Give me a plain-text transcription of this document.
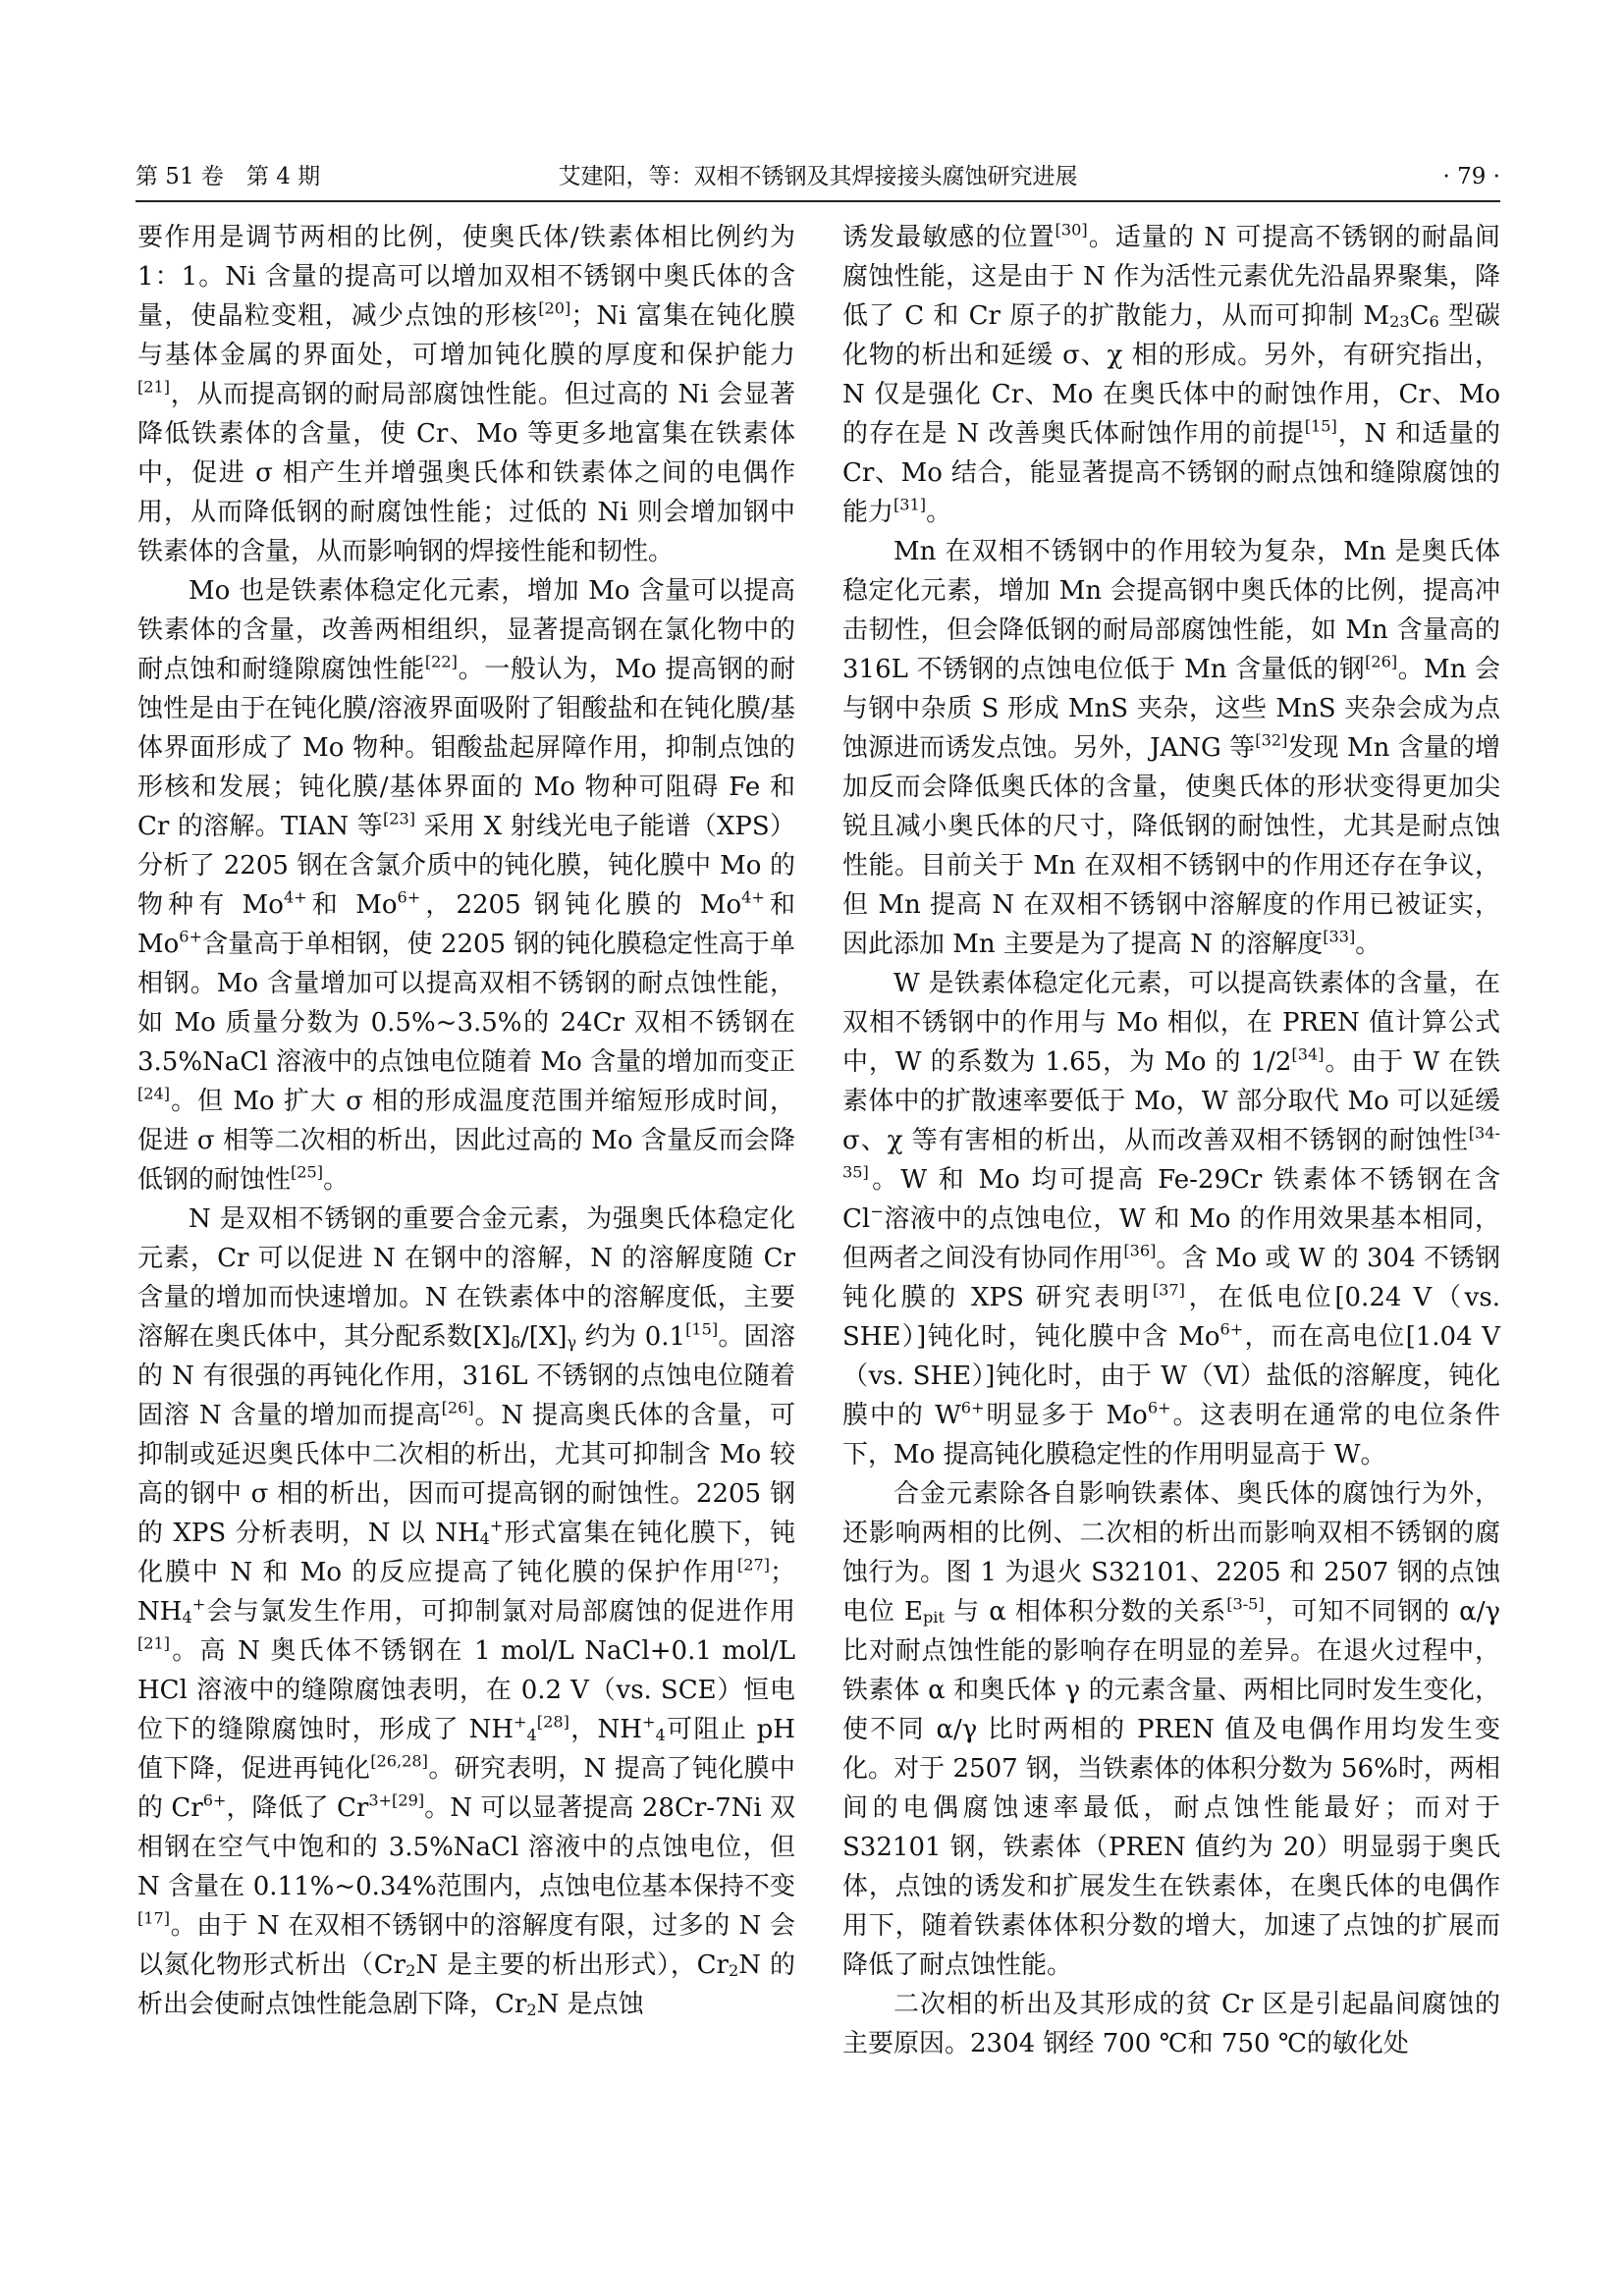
第 51 卷　第 4 期	艾建阳，等：双相不锈钢及其焊接接头腐蚀研究进展	· 79 ·

要作用是调节两相的比例，使奥氏体/铁素体相比例约为 1：1。Ni 含量的提高可以增加双相不锈钢中奥氏体的含量，使晶粒变粗，减少点蚀的形核[20]；Ni 富集在钝化膜与基体金属的界面处，可增加钝化膜的厚度和保护能力[21]，从而提高钢的耐局部腐蚀性能。但过高的 Ni 会显著降低铁素体的含量，使 Cr、Mo 等更多地富集在铁素体中，促进 σ 相产生并增强奥氏体和铁素体之间的电偶作用，从而降低钢的耐腐蚀性能；过低的 Ni 则会增加钢中铁素体的含量，从而影响钢的焊接性能和韧性。

Mo 也是铁素体稳定化元素，增加 Mo 含量可以提高铁素体的含量，改善两相组织，显著提高钢在氯化物中的耐点蚀和耐缝隙腐蚀性能[22]。一般认为，Mo 提高钢的耐蚀性是由于在钝化膜/溶液界面吸附了钼酸盐和在钝化膜/基体界面形成了 Mo 物种。钼酸盐起屏障作用，抑制点蚀的形核和发展；钝化膜/基体界面的 Mo 物种可阻碍 Fe 和 Cr 的溶解。TIAN 等[23] 采用 X 射线光电子能谱（XPS）分析了 2205 钢在含氯介质中的钝化膜，钝化膜中 Mo 的物种有 $Mo^{4+}$和 $Mo^{6+}$，2205 钢钝化膜的 $Mo^{4+}$和 $Mo^{6+}$含量高于单相钢，使 2205 钢的钝化膜稳定性高于单相钢。Mo 含量增加可以提高双相不锈钢的耐点蚀性能，如 Mo 质量分数为 0.5%~3.5%的 24Cr 双相不锈钢在 3.5%NaCl 溶液中的点蚀电位随着 Mo 含量的增加而变正[24]。但 Mo 扩大 σ 相的形成温度范围并缩短形成时间，促进 σ 相等二次相的析出，因此过高的 Mo 含量反而会降低钢的耐蚀性[25]。

N 是双相不锈钢的重要合金元素，为强奥氏体稳定化元素，Cr 可以促进 N 在钢中的溶解，N 的溶解度随 Cr 含量的增加而快速增加。N 在铁素体中的溶解度低，主要溶解在奥氏体中，其分配系数$[X]_\delta/[X]_\gamma$ 约为 0.1[15]。固溶的 N 有很强的再钝化作用，316L 不锈钢的点蚀电位随着固溶 N 含量的增加而提高[26]。N 提高奥氏体的含量，可抑制或延迟奥氏体中二次相的析出，尤其可抑制含 Mo 较高的钢中 σ 相的析出，因而可提高钢的耐蚀性。2205 钢的 XPS 分析表明，N 以 $NH_4^+$形式富集在钝化膜下，钝化膜中 N 和 Mo 的反应提高了钝化膜的保护作用[27]；$NH_4^+$会与氯发生作用，可抑制氯对局部腐蚀的促进作用[21]。高 N 奥氏体不锈钢在 1 mol/L NaCl+0.1 mol/L HCl 溶液中的缝隙腐蚀表明，在 0.2 V（vs. SCE）恒电位下的缝隙腐蚀时，形成了 $NH^+_4[28]$，$NH^+_4$可阻止 pH 值下降，促进再钝化[26,28]。研究表明，N 提高了钝化膜中的 $Cr^{6+}$，降低了 $Cr^{3+[29]}$。N 可以显著提高 28Cr-7Ni 双相钢在空气中饱和的 3.5%NaCl 溶液中的点蚀电位，但 N 含量在 0.11%~0.34%范围内，点蚀电位基本保持不变[17]。由于 N 在双相不锈钢中的溶解度有限，过多的 N 会以氮化物形式析出（$Cr_2N$ 是主要的析出形式），$Cr_2N$ 的析出会使耐点蚀性能急剧下降，$Cr_2N$ 是点蚀

诱发最敏感的位置[30]。适量的 N 可提高不锈钢的耐晶间腐蚀性能，这是由于 N 作为活性元素优先沿晶界聚集，降低了 C 和 Cr 原子的扩散能力，从而可抑制 $M_{23}C_6$ 型碳化物的析出和延缓 σ、χ 相的形成。另外，有研究指出，N 仅是强化 Cr、Mo 在奥氏体中的耐蚀作用，Cr、Mo 的存在是 N 改善奥氏体耐蚀作用的前提[15]，N 和适量的 Cr、Mo 结合，能显著提高不锈钢的耐点蚀和缝隙腐蚀的能力[31]。

Mn 在双相不锈钢中的作用较为复杂，Mn 是奥氏体稳定化元素，增加 Mn 会提高钢中奥氏体的比例，提高冲击韧性，但会降低钢的耐局部腐蚀性能，如 Mn 含量高的 316L 不锈钢的点蚀电位低于 Mn 含量低的钢[26]。Mn 会与钢中杂质 S 形成 MnS 夹杂，这些 MnS 夹杂会成为点蚀源进而诱发点蚀。另外，JANG 等[32]发现 Mn 含量的增加反而会降低奥氏体的含量，使奥氏体的形状变得更加尖锐且减小奥氏体的尺寸，降低钢的耐蚀性，尤其是耐点蚀性能。目前关于 Mn 在双相不锈钢中的作用还存在争议，但 Mn 提高 N 在双相不锈钢中溶解度的作用已被证实，因此添加 Mn 主要是为了提高 N 的溶解度[33]。

W 是铁素体稳定化元素，可以提高铁素体的含量，在双相不锈钢中的作用与 Mo 相似，在 PREN 值计算公式中，W 的系数为 1.65，为 Mo 的 1/2[34]。由于 W 在铁素体中的扩散速率要低于 Mo，W 部分取代 Mo 可以延缓 σ、χ 等有害相的析出，从而改善双相不锈钢的耐蚀性[34-35]。W 和 Mo 均可提高 Fe-29Cr 铁素体不锈钢在含 Cl−溶液中的点蚀电位，W 和 Mo 的作用效果基本相同，但两者之间没有协同作用[36]。含 Mo 或 W 的 304 不锈钢钝化膜的 XPS 研究表明[37]，在低电位[0.24 V（vs. SHE）]钝化时，钝化膜中含 $Mo^{6+}$，而在高电位[1.04 V（vs. SHE）]钝化时，由于 W（Ⅵ）盐低的溶解度，钝化膜中的 $W^{6+}$明显多于 $Mo^{6+}$。这表明在通常的电位条件下，Mo 提高钝化膜稳定性的作用明显高于 W。

合金元素除各自影响铁素体、奥氏体的腐蚀行为外，还影响两相的比例、二次相的析出而影响双相不锈钢的腐蚀行为。图 1 为退火 S32101、2205 和 2507 钢的点蚀电位 $E_{pit}$ 与 α 相体积分数的关系[3-5]，可知不同钢的 α/γ 比对耐点蚀性能的影响存在明显的差异。在退火过程中，铁素体 α 和奥氏体 γ 的元素含量、两相比同时发生变化，使不同 α/γ 比时两相的 PREN 值及电偶作用均发生变化。对于 2507 钢，当铁素体的体积分数为 56%时，两相间的电偶腐蚀速率最低，耐点蚀性能最好；而对于 S32101 钢，铁素体（PREN 值约为 20）明显弱于奥氏体，点蚀的诱发和扩展发生在铁素体，在奥氏体的电偶作用下，随着铁素体体积分数的增大，加速了点蚀的扩展而降低了耐点蚀性能。

二次相的析出及其形成的贫 Cr 区是引起晶间腐蚀的主要原因。2304 钢经 700 ℃和 750 ℃的敏化处
